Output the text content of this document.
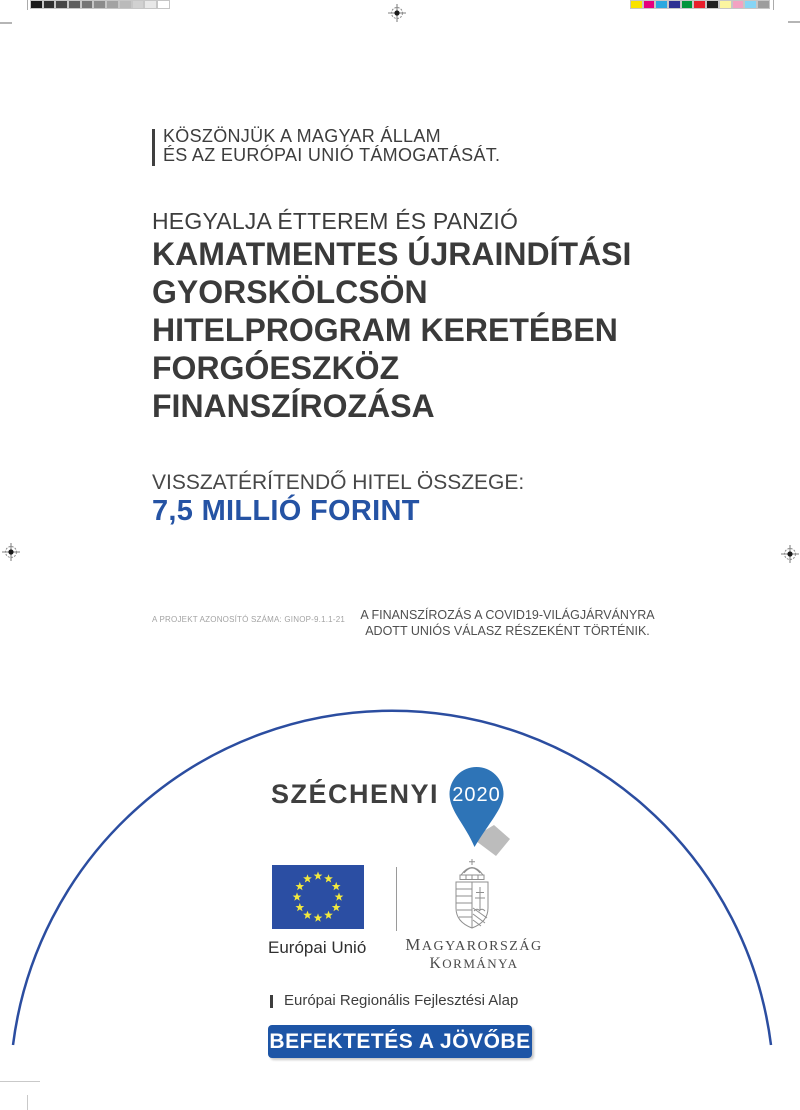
KÖSZÖNJÜK A MAGYAR ÁLLAM
ÉS AZ EURÓPAI UNIÓ TÁMOGATÁSÁT.
HEGYALJA ÉTTEREM ÉS PANZIÓ
KAMATMENTES ÚJRAINDÍTÁSI
GYORSKÖLCSÖN
HITELPROGRAM KERETÉBEN
FORGÓESZKÖZ
FINANSZÍROZÁSA
VISSZATÉRÍTENDŐ HITEL ÖSSZEGE:
7,5 MILLIÓ FORINT
A PROJEKT AZONOSÍTÓ SZÁMA: GINOP-9.1.1-21	A FINANSZÍROZÁS A COVID19-VILÁGJÁRVÁNYRA
ADOTT UNIÓS VÁLASZ RÉSZEKÉNT TÖRTÉNIK.
SZÉCHENYI 2020
Európai Unió	MAGYARORSZÁG
KORMÁNYA
Európai Regionális Fejlesztési Alap
BEFEKTETÉS A JÖVŐBE
